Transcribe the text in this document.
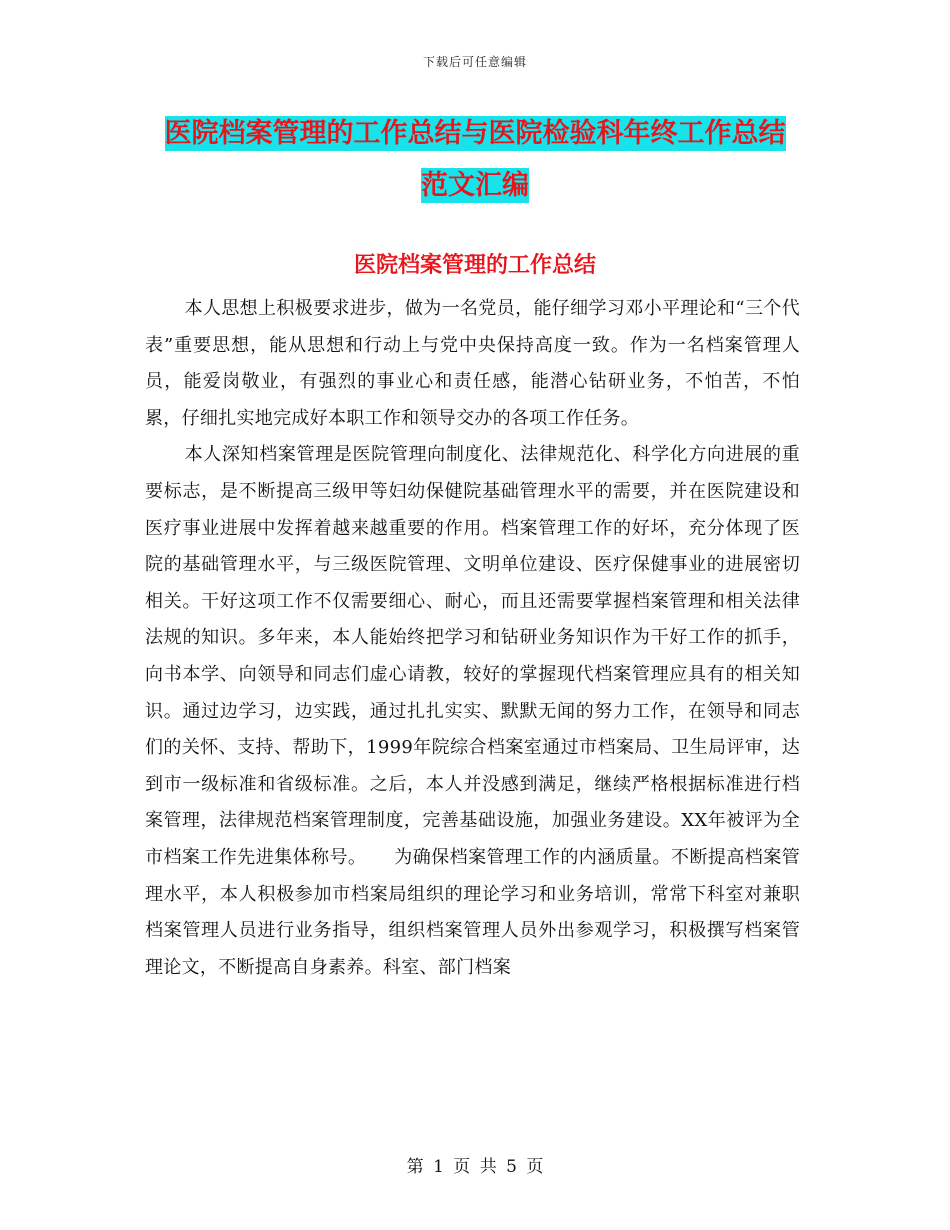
下载后可任意编辑
医院档案管理的工作总结与医院检验科年终工作总结
范文汇编
医院档案管理的工作总结

本人思想上积极要求进步，做为一名党员，能仔细学习邓小平理论和“三个代表”重要思想，能从思想和行动上与党中央保持高度一致。作为一名档案管理人员，能爱岗敬业，有强烈的事业心和责任感，能潜心钻研业务，不怕苦，不怕累，仔细扎实地完成好本职工作和领导交办的各项工作任务。

本人深知档案管理是医院管理向制度化、法律规范化、科学化方向进展的重要标志，是不断提高三级甲等妇幼保健院基础管理水平的需要，并在医院建设和医疗事业进展中发挥着越来越重要的作用。档案管理工作的好坏，充分体现了医院的基础管理水平，与三级医院管理、文明单位建设、医疗保健事业的进展密切相关。干好这项工作不仅需要细心、耐心，而且还需要掌握档案管理和相关法律法规的知识。多年来，本人能始终把学习和钻研业务知识作为干好工作的抓手，向书本学、向领导和同志们虚心请教，较好的掌握现代档案管理应具有的相关知识。通过边学习，边实践，通过扎扎实实、默默无闻的努力工作，在领导和同志们的关怀、支持、帮助下，1999年院综合档案室通过市档案局、卫生局评审，达到市一级标准和省级标准。之后，本人并没感到满足，继续严格根据标准进行档案管理，法律规范档案管理制度，完善基础设施，加强业务建设。XX年被评为全市档案工作先进集体称号。　　为确保档案管理工作的内涵质量。不断提高档案管理水平，本人积极参加市档案局组织的理论学习和业务培训，常常下科室对兼职档案管理人员进行业务指导，组织档案管理人员外出参观学习，积极撰写档案管理论文，不断提高自身素养。科室、部门档案

第 1 页 共 5 页
